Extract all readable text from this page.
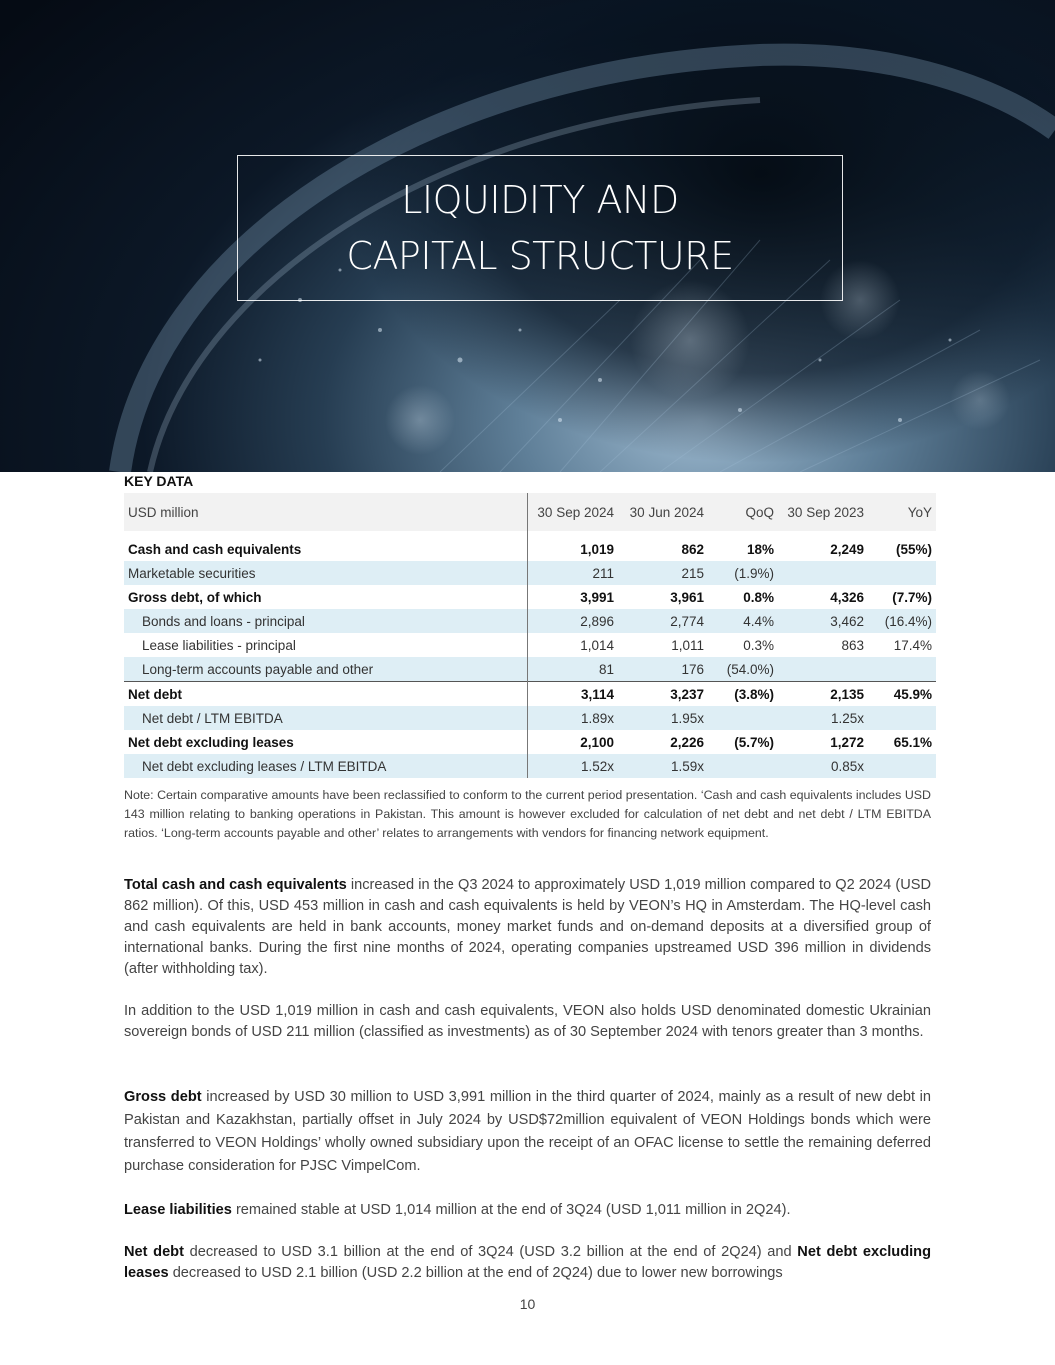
LIQUIDITY AND
CAPITAL STRUCTURE
KEY DATA
USD million	30 Sep 2024	30 Jun 2024	QoQ	30 Sep 2023	YoY

Cash and cash equivalents	1,019	862	18%	2,249	(55%)
Marketable securities	211	215	(1.9%)		
Gross debt, of which	3,991	3,961	0.8%	4,326	(7.7%)
Bonds and loans - principal	2,896	2,774	4.4%	3,462	(16.4%)
Lease liabilities - principal	1,014	1,011	0.3%	863	17.4%
Long-term accounts payable and other	81	176	(54.0%)		
Net debt	3,114	3,237	(3.8%)	2,135	45.9%
Net debt / LTM EBITDA	1.89x	1.95x		1.25x	
Net debt excluding leases	2,100	2,226	(5.7%)	1,272	65.1%
Net debt excluding leases / LTM EBITDA	1.52x	1.59x		0.85x	

Note: Certain comparative amounts have been reclassified to conform to the current period presentation. ‘Cash and cash equivalents includes USD 143 million relating to banking operations in Pakistan. This amount is however excluded for calculation of net debt and net debt / LTM EBITDA ratios. ‘Long-term accounts payable and other’ relates to arrangements with vendors for financing network equipment.

Total cash and cash equivalents increased in the Q3 2024 to approximately USD 1,019 million compared to Q2 2024 (USD 862 million). Of this, USD 453 million in cash and cash equivalents is held by VEON’s HQ in Amsterdam. The HQ-level cash and cash equivalents are held in bank accounts, money market funds and on-demand deposits at a diversified group of international banks. During the first nine months of 2024, operating companies upstreamed USD 396 million in dividends (after withholding tax).

In addition to the USD 1,019 million in cash and cash equivalents, VEON also holds USD denominated domestic Ukrainian sovereign bonds of USD 211 million (classified as investments) as of 30 September 2024 with tenors greater than 3 months.

Gross debt increased by USD 30 million to USD 3,991 million in the third quarter of 2024, mainly as a result of new debt in Pakistan and Kazakhstan, partially offset in July 2024 by USD$72million equivalent of VEON Holdings bonds which were transferred to VEON Holdings’ wholly owned subsidiary upon the receipt of an OFAC license to settle the remaining deferred purchase consideration for PJSC VimpelCom.

Lease liabilities remained stable at USD 1,014 million at the end of 3Q24 (USD 1,011 million in 2Q24).

Net debt decreased to USD 3.1 billion at the end of 3Q24 (USD 3.2 billion at the end of 2Q24) and Net debt excluding leases decreased to USD 2.1 billion (USD 2.2 billion at the end of 2Q24) due to lower new borrowings

10
